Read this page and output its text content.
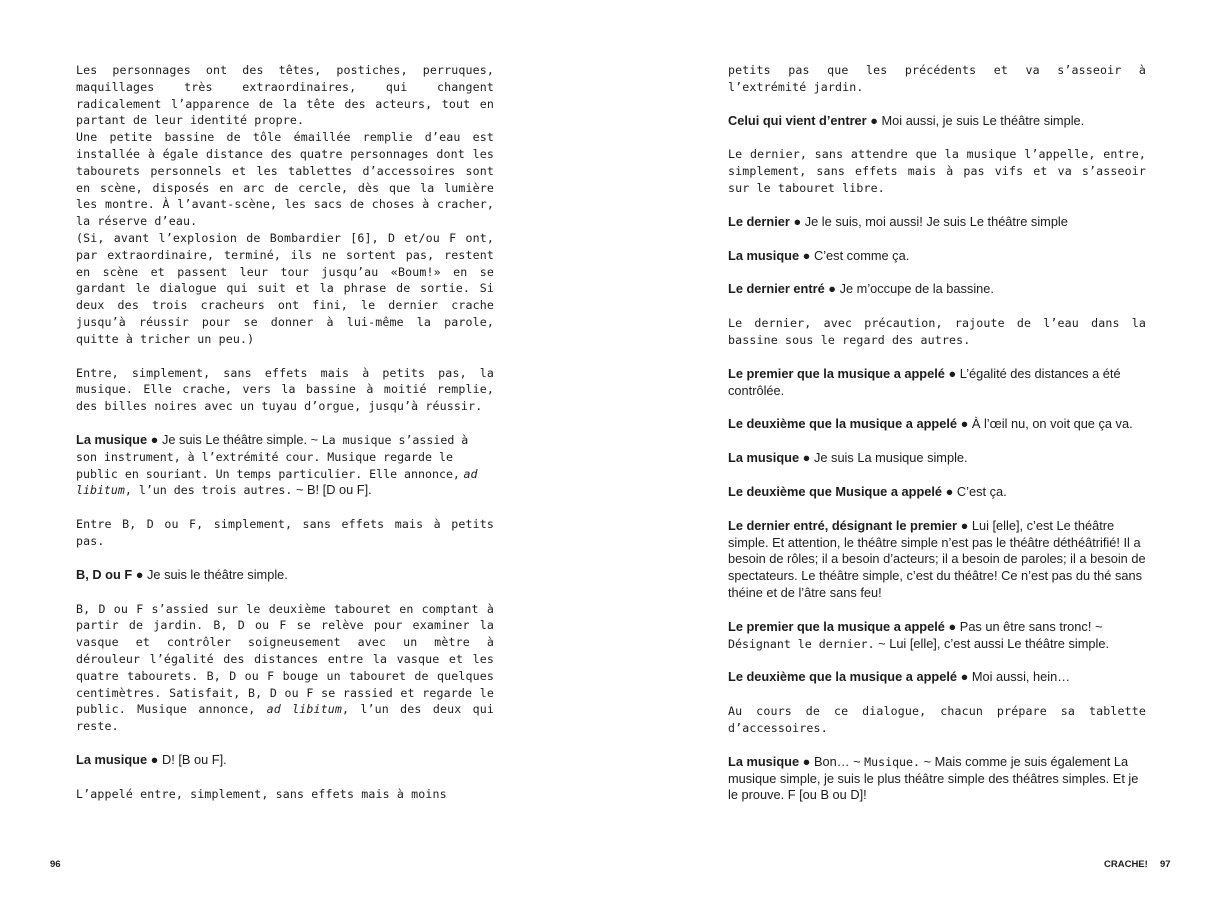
Les personnages ont des têtes, postiches, perruques, maquillages très extraordinaires, qui changent radicalement l’apparence de la tête des acteurs, tout en partant de leur identité propre.

Une petite bassine de tôle émaillée remplie d’eau est installée à égale distance des quatre personnages dont les tabourets personnels et les tablettes d’accessoires sont en scène, disposés en arc de cercle, dès que la lumière les montre. À l’avant-scène, les sacs de choses à cracher, la réserve d’eau.

(Si, avant l’explosion de Bombardier [6], D et/ou F ont, par extraordinaire, terminé, ils ne sortent pas, restent en scène et passent leur tour jusqu’au «Boum!» en se gardant le dialogue qui suit et la phrase de sortie. Si deux des trois cracheurs ont fini, le dernier crache jusqu’à réussir pour se donner à lui-même la parole, quitte à tricher un peu.)

Entre, simplement, sans effets mais à petits pas, la musique. Elle crache, vers la bassine à moitié remplie, des billes noires avec un tuyau d’orgue, jusqu’à réussir.

La musique ● Je suis Le théâtre simple. ~ La musique s’assied à son instrument, à l’extrémité cour. Musique regarde le public en souriant. Un temps particulier. Elle annonce, ad libitum, l’un des trois autres. ~ B! [D ou F].

Entre B, D ou F, simplement, sans effets mais à petits pas.

B, D ou F ● Je suis le théâtre simple.

B, D ou F s’assied sur le deuxième tabouret en comptant à partir de jardin. B, D ou F se relève pour examiner la vasque et contrôler soigneusement avec un mètre à dérouleur l’égalité des distances entre la vasque et les quatre tabourets. B, D ou F bouge un tabouret de quelques centimètres. Satisfait, B, D ou F se rassied et regarde le public. Musique annonce, ad libitum, l’un des deux qui reste.

La musique ● D! [B ou F].

L’appelé entre, simplement, sans effets mais à moins

petits pas que les précédents et va s’asseoir à l’extrémité jardin.

Celui qui vient d’entrer ● Moi aussi, je suis Le théâtre simple.

Le dernier, sans attendre que la musique l’appelle, entre, simplement, sans effets mais à pas vifs et va s’asseoir sur le tabouret libre.

Le dernier ● Je le suis, moi aussi! Je suis Le théâtre simple

La musique ● C’est comme ça.

Le dernier entré ● Je m’occupe de la bassine.

Le dernier, avec précaution, rajoute de l’eau dans la bassine sous le regard des autres.

Le premier que la musique a appelé ● L’égalité des distances a été contrôlée.

Le deuxième que la musique a appelé ● À l’œil nu, on voit que ça va.

La musique ● Je suis La musique simple.

Le deuxième que Musique a appelé ● C’est ça.

Le dernier entré, désignant le premier ● Lui [elle], c’est Le théâtre simple. Et attention, le théâtre simple n’est pas le théâtre déthéâtrifié! Il a besoin de rôles; il a besoin d’acteurs; il a besoin de paroles; il a besoin de spectateurs. Le théâtre simple, c’est du théâtre! Ce n’est pas du thé sans théine et de l’âtre sans feu!

Le premier que la musique a appelé ● Pas un être sans tronc! ~ Désignant le dernier. ~ Lui [elle], c’est aussi Le théâtre simple.

Le deuxième que la musique a appelé ● Moi aussi, hein…

Au cours de ce dialogue, chacun prépare sa tablette d’accessoires.

La musique ● Bon… ~ Musique. ~ Mais comme je suis également La musique simple, je suis le plus théâtre simple des théâtres simples. Et je le prouve. F [ou B ou D]!

96	CRACHE! 97
